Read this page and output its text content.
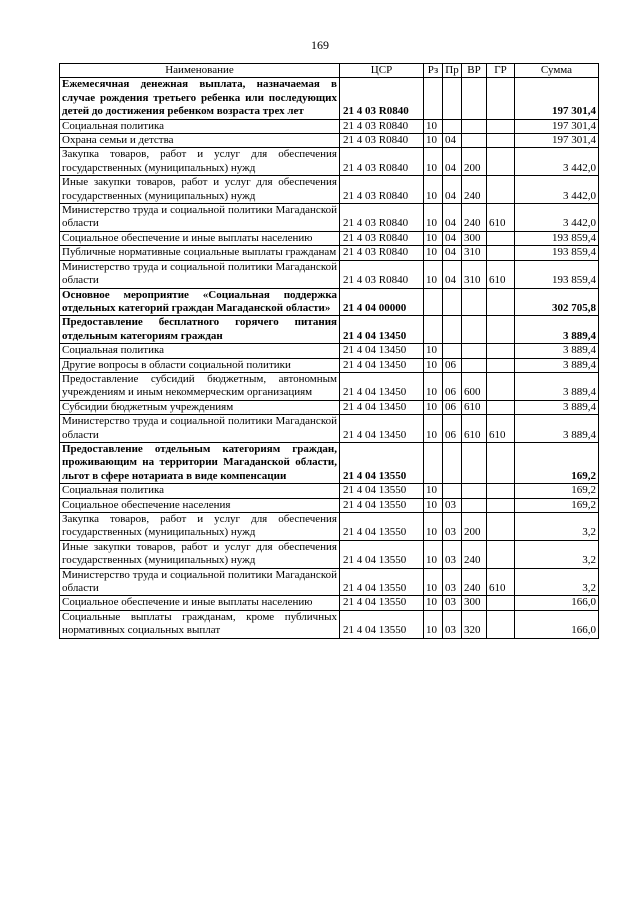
169
Наименование	ЦСР	Рз	Пр	ВР	ГР	Сумма
Ежемесячная денежная выплата, назначаемая в случае рождения третьего ребенка или последующих детей до достижения ребенком возраста трех лет	21 4 03 R0840					197 301,4
Социальная политика	21 4 03 R0840	10				197 301,4
Охрана семьи и детства	21 4 03 R0840	10	04			197 301,4
Закупка товаров, работ и услуг для обеспечения государственных (муниципальных) нужд	21 4 03 R0840	10	04	200		3 442,0
Иные закупки товаров, работ и услуг для обеспечения государственных (муниципальных) нужд	21 4 03 R0840	10	04	240		3 442,0
Министерство труда и социальной политики Магаданской области	21 4 03 R0840	10	04	240	610	3 442,0
Социальное обеспечение и иные выплаты населению	21 4 03 R0840	10	04	300		193 859,4
Публичные нормативные социальные выплаты гражданам	21 4 03 R0840	10	04	310		193 859,4
Министерство труда и социальной политики Магаданской области	21 4 03 R0840	10	04	310	610	193 859,4
Основное мероприятие «Социальная поддержка отдельных категорий граждан Магаданской области»	21 4 04 00000					302 705,8
Предоставление бесплатного горячего питания отдельным категориям граждан	21 4 04 13450					3 889,4
Социальная политика	21 4 04 13450	10				3 889,4
Другие вопросы в области социальной политики	21 4 04 13450	10	06			3 889,4
Предоставление субсидий бюджетным, автономным учреждениям и иным некоммерческим организациям	21 4 04 13450	10	06	600		3 889,4
Субсидии бюджетным учреждениям	21 4 04 13450	10	06	610		3 889,4
Министерство труда и социальной политики Магаданской области	21 4 04 13450	10	06	610	610	3 889,4
Предоставление отдельным категориям граждан, проживающим на территории Магаданской области, льгот в сфере нотариата в виде компенсации	21 4 04 13550					169,2
Социальная политика	21 4 04 13550	10				169,2
Социальное обеспечение населения	21 4 04 13550	10	03			169,2
Закупка товаров, работ и услуг для обеспечения государственных (муниципальных) нужд	21 4 04 13550	10	03	200		3,2
Иные закупки товаров, работ и услуг для обеспечения государственных (муниципальных) нужд	21 4 04 13550	10	03	240		3,2
Министерство труда и социальной политики Магаданской области	21 4 04 13550	10	03	240	610	3,2
Социальное обеспечение и иные выплаты населению	21 4 04 13550	10	03	300		166,0
Социальные выплаты гражданам, кроме публичных нормативных социальных выплат	21 4 04 13550	10	03	320		166,0
